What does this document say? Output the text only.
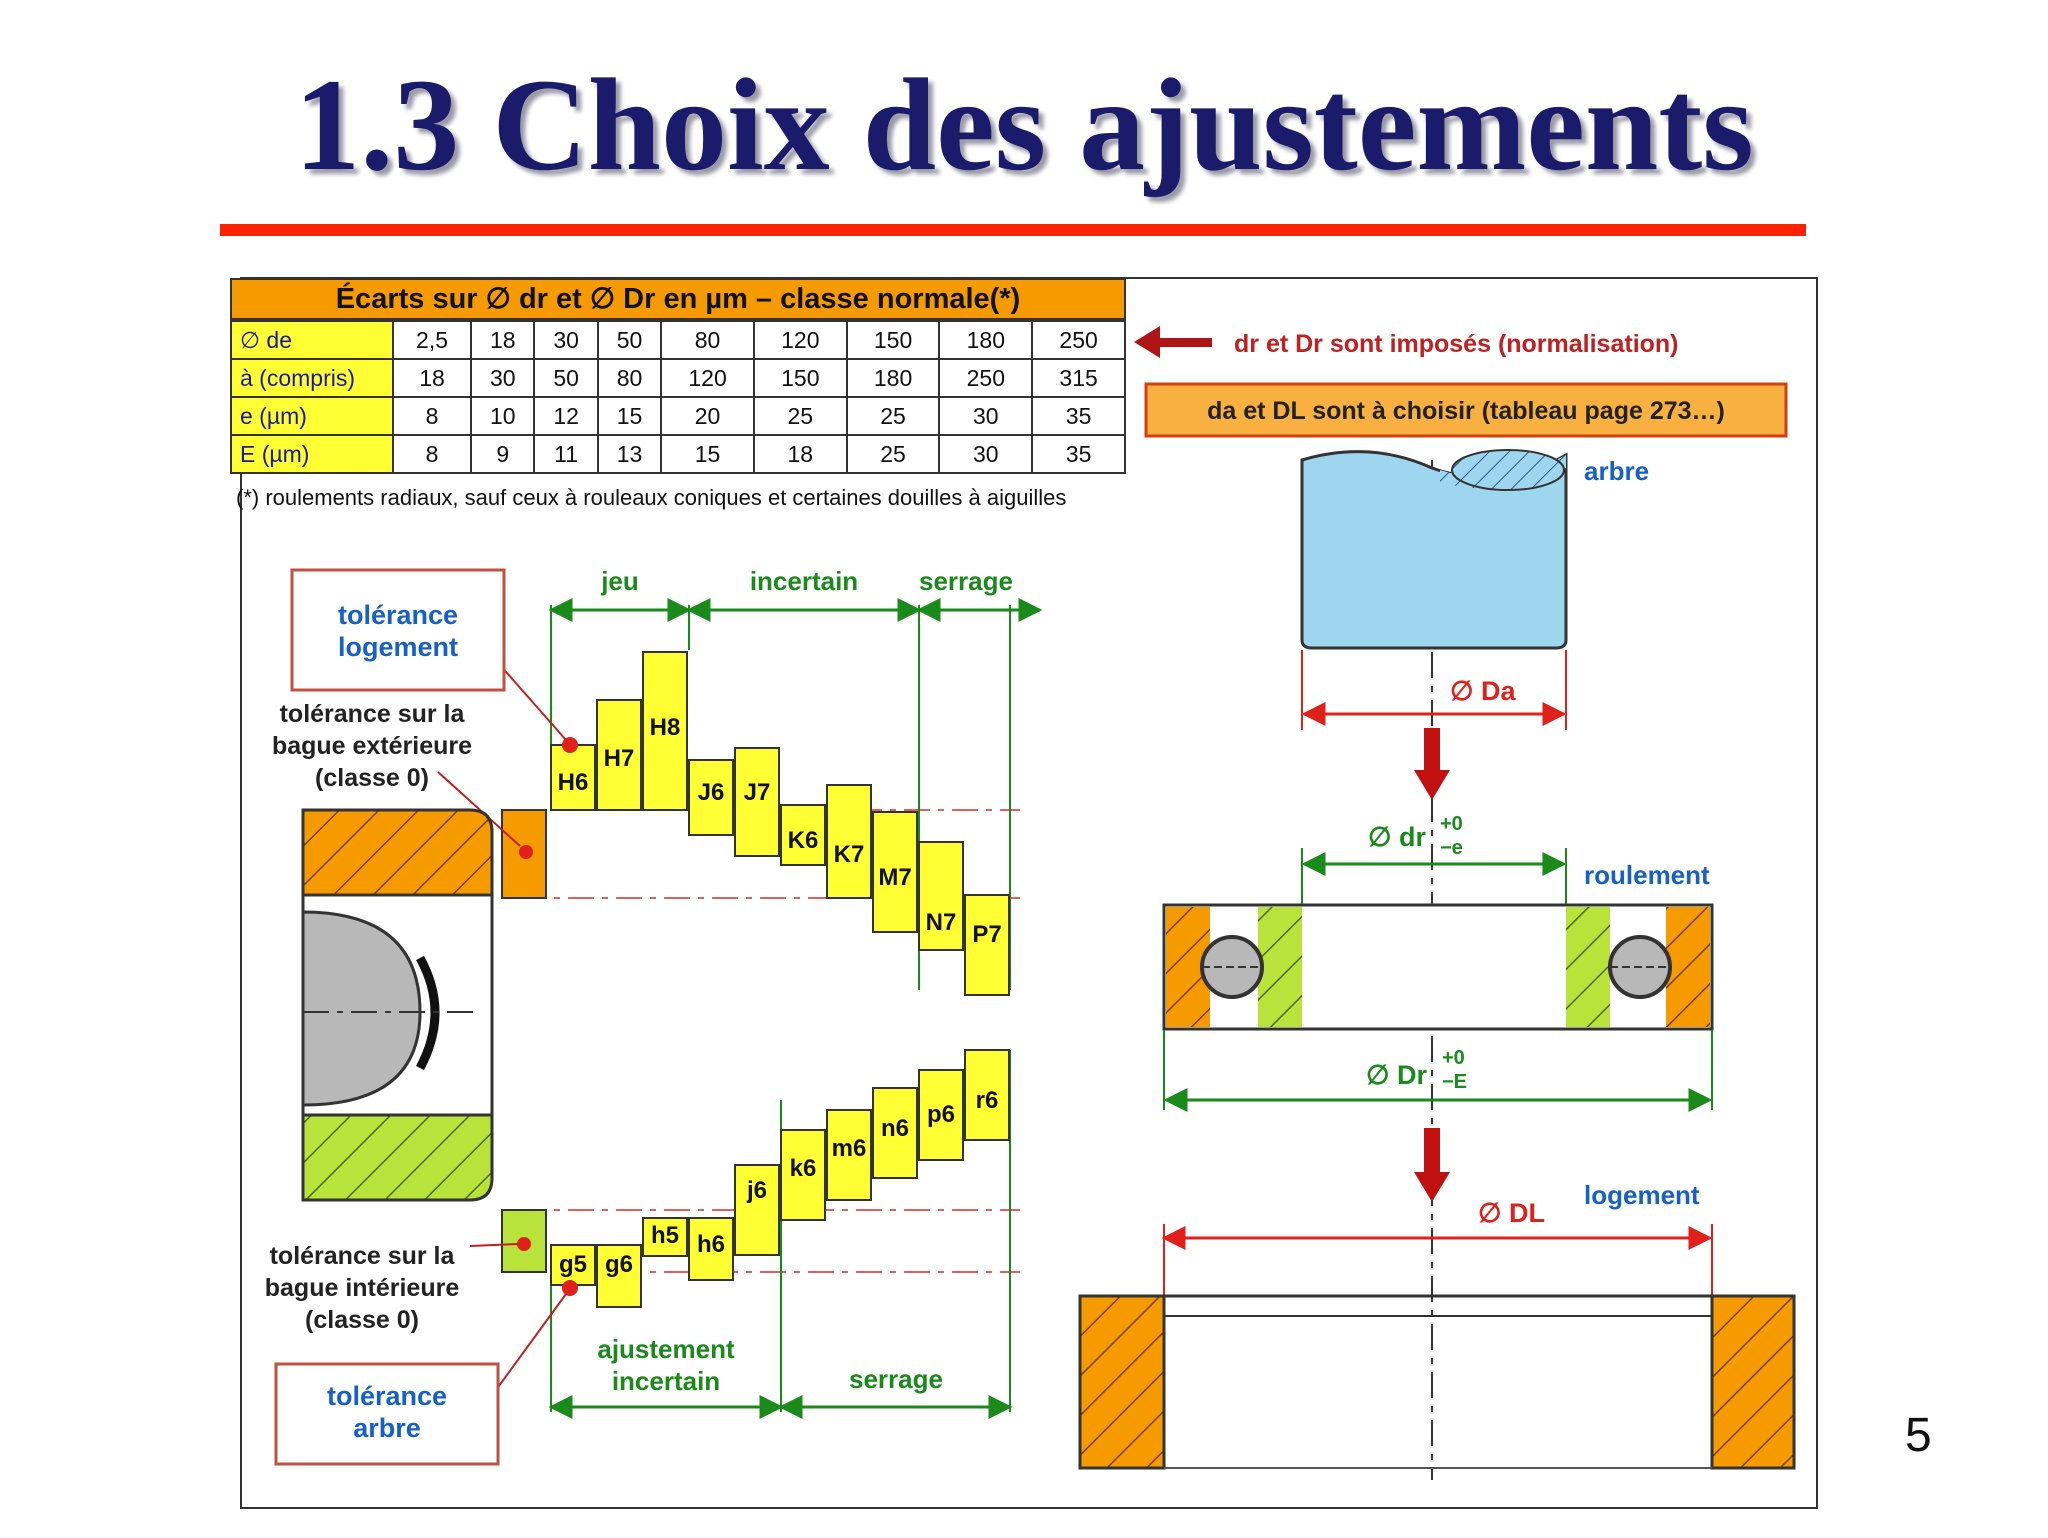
1.3 Choix des ajustements
Écarts sur ∅ dr et ∅ Dr en µm – classe normale(*)
∅ de	2,5	18	30	50	80	120	150	180	250
à (compris)	18	30	50	80	120	150	180	250	315
e (µm)	8	10	12	15	20	25	25	30	35
E (µm)	8	9	11	13	15	18	25	30	35
(*) roulements radiaux, sauf ceux à rouleaux coniques et certaines douilles à aiguilles
dr et Dr sont imposés (normalisation)
da et DL sont à choisir (tableau page 273…)
jeu	incertain serrage
H6
H7
H8
J6 J7
K6
K7
M7
N7 P7
tolérance logement
tolérance sur la bague extérieure (classe 0)
g5 g6
h5 h6
j6
k6
m6
n6
p6
r6
tolérance sur la bague intérieure (classe 0)
tolérance arbre
ajustement incertain	serrage
arbre
∅ Da
∅ dr +0
−e
roulement
∅ Dr
+0
−E
∅ DL
logement
5
